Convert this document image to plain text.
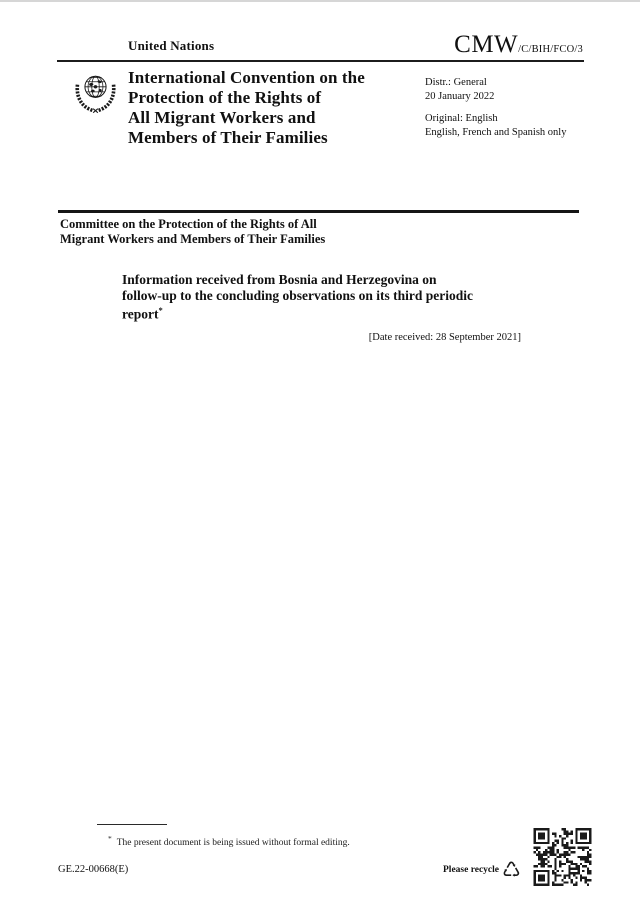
United Nations	CMW/C/BIH/FCO/3
International Convention on the
Protection of the Rights of
All Migrant Workers and
Members of Their Families
Distr.: General
20 January 2022
Original: English
English, French and Spanish only
Committee on the Protection of the Rights of All
Migrant Workers and Members of Their Families
Information received from Bosnia and Herzegovina on
follow-up to the concluding observations on its third periodic
report*
[Date received: 28 September 2021]
* The present document is being issued without formal editing.
GE.22-00668(E)	Please recycle ♺
